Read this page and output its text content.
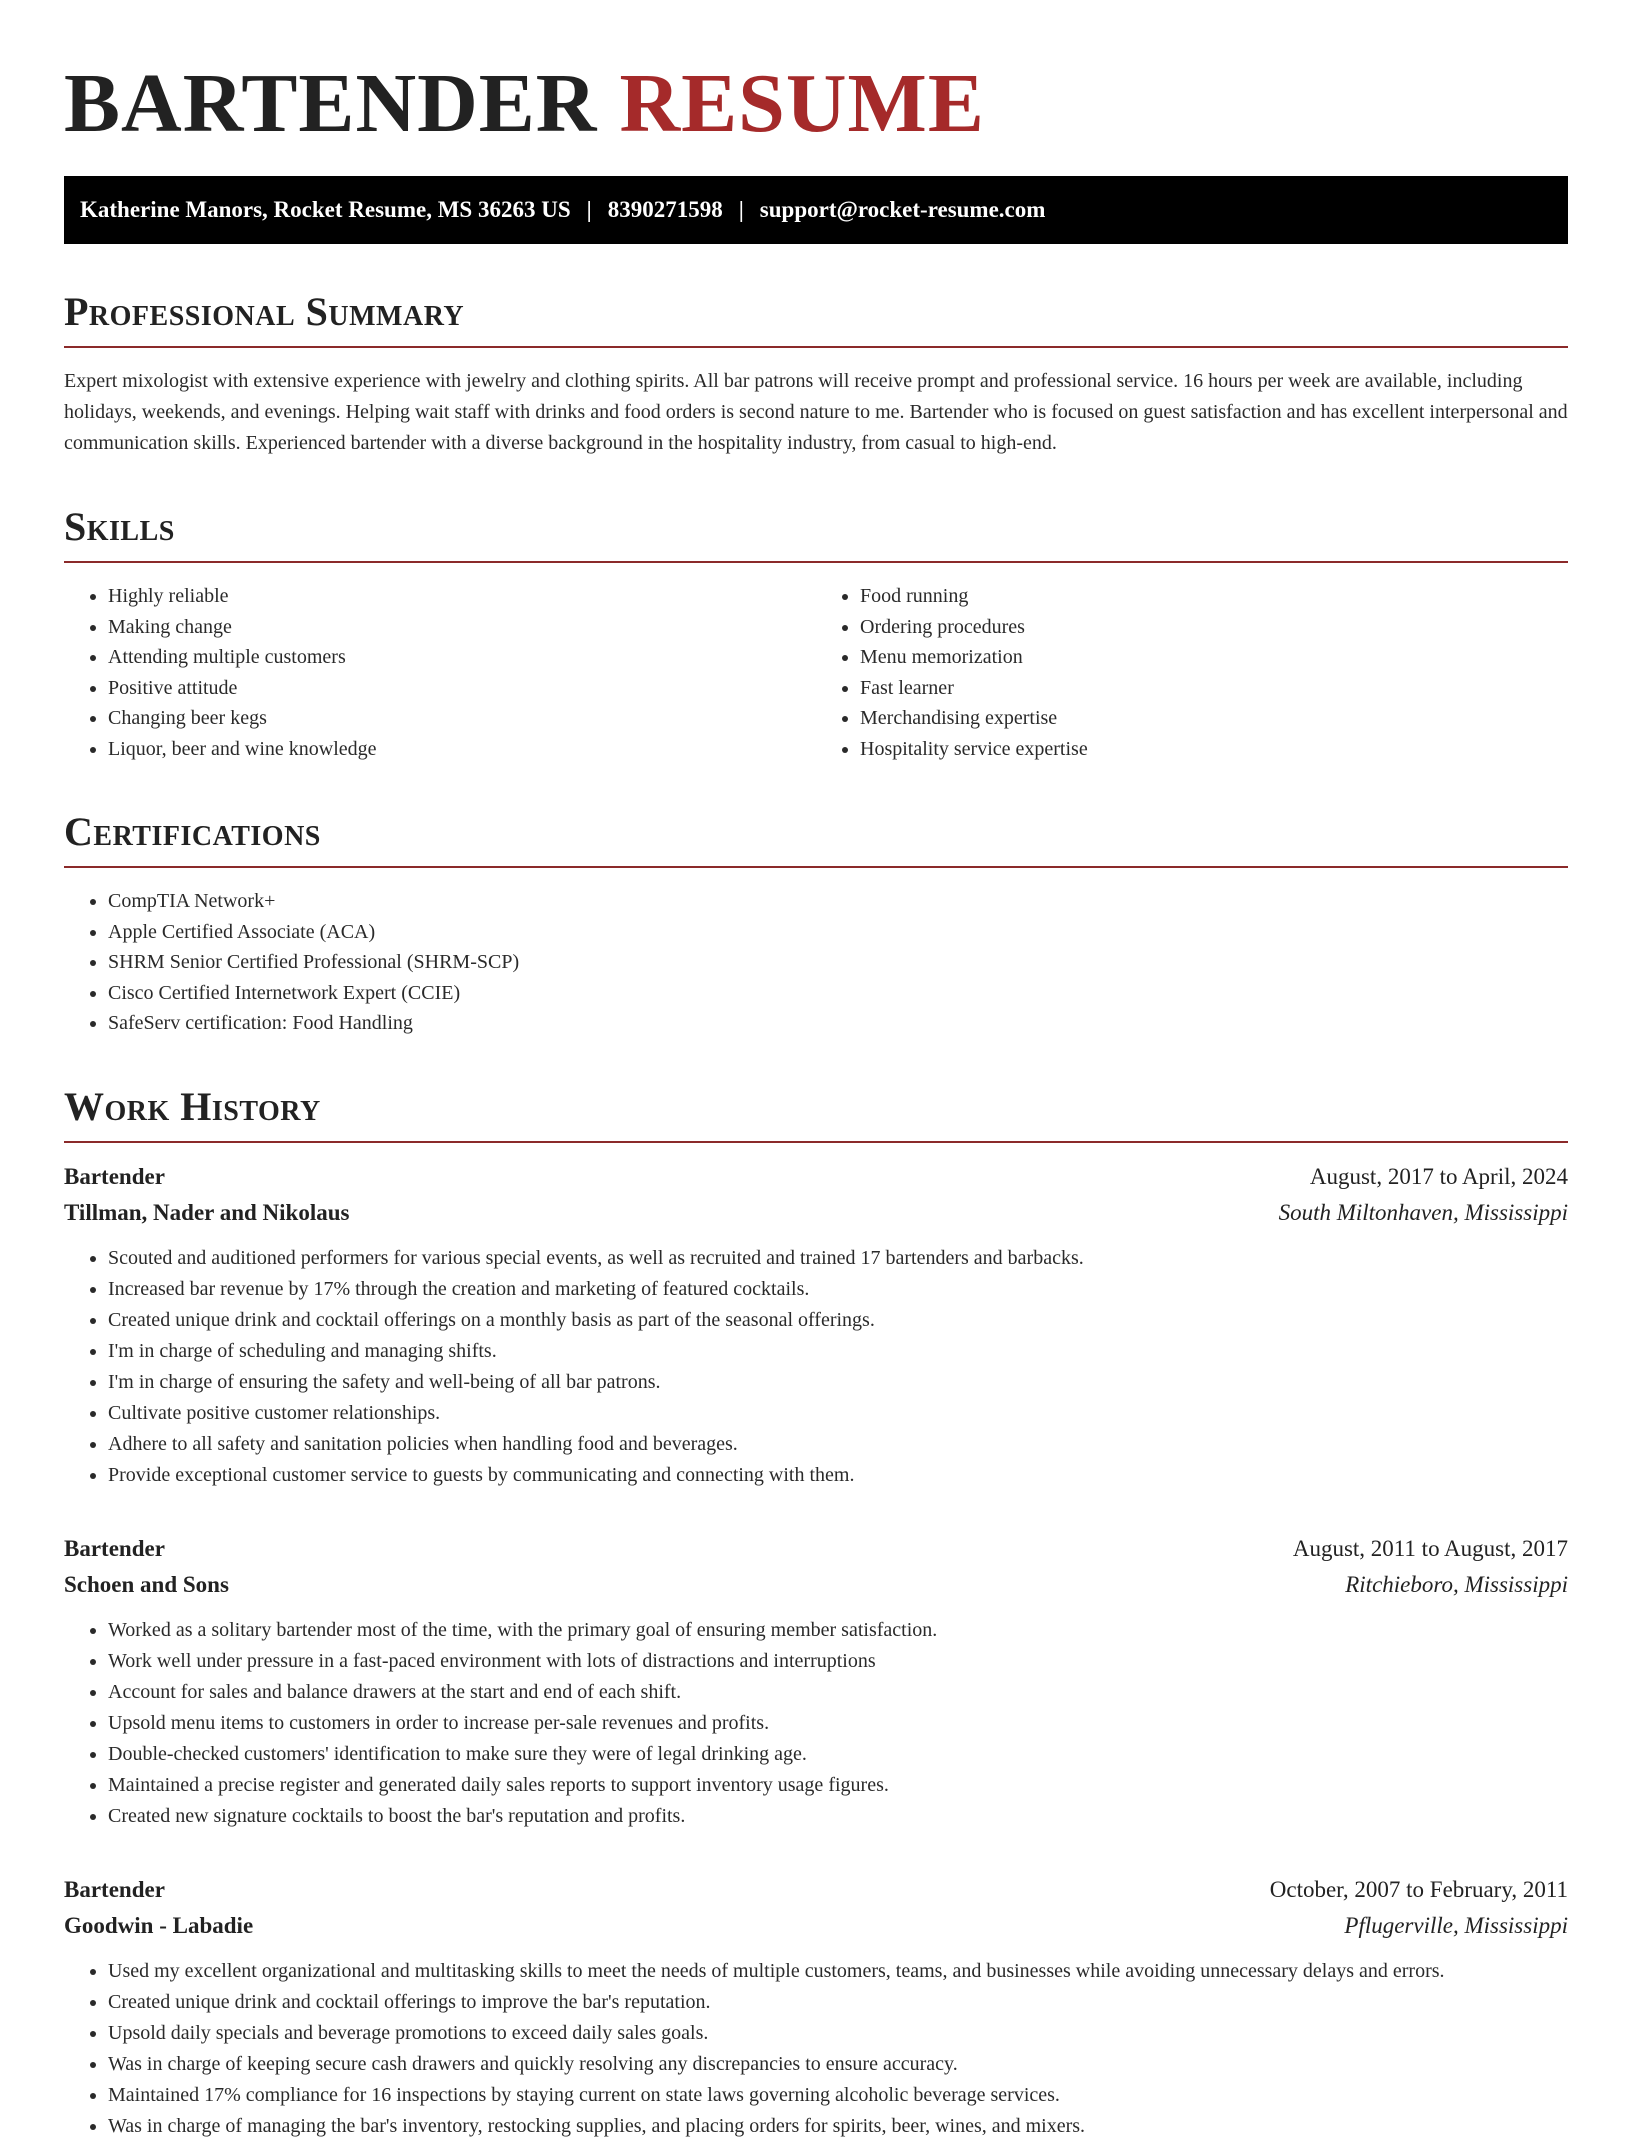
BARTENDER RESUME
Katherine Manors, Rocket Resume, MS 36263 US | 8390271598 | support@rocket-resume.com
Professional Summary

Expert mixologist with extensive experience with jewelry and clothing spirits. All bar patrons will receive prompt and professional service. 16 hours per week are available, including holidays, weekends, and evenings. Helping wait staff with drinks and food orders is second nature to me. Bartender who is focused on guest satisfaction and has excellent interpersonal and communication skills. Experienced bartender with a diverse background in the hospitality industry, from casual to high-end.

Skills
• Highly reliable
• Making change
• Attending multiple customers
• Positive attitude
• Changing beer kegs
• Liquor, beer and wine knowledge
• Food running
• Ordering procedures
• Menu memorization
• Fast learner
• Merchandising expertise
• Hospitality service expertise
Certifications
• CompTIA Network+
• Apple Certified Associate (ACA)
• SHRM Senior Certified Professional (SHRM-SCP)
• Cisco Certified Internetwork Expert (CCIE)
• SafeServ certification: Food Handling
Work History
Bartender	August, 2017 to April, 2024
Tillman, Nader and Nikolaus	South Miltonhaven, Mississippi
• Scouted and auditioned performers for various special events, as well as recruited and trained 17 bartenders and barbacks.
• Increased bar revenue by 17% through the creation and marketing of featured cocktails.
• Created unique drink and cocktail offerings on a monthly basis as part of the seasonal offerings.
• I'm in charge of scheduling and managing shifts.
• I'm in charge of ensuring the safety and well-being of all bar patrons.
• Cultivate positive customer relationships.
• Adhere to all safety and sanitation policies when handling food and beverages.
• Provide exceptional customer service to guests by communicating and connecting with them.
Bartender	August, 2011 to August, 2017
Schoen and Sons	Ritchieboro, Mississippi
• Worked as a solitary bartender most of the time, with the primary goal of ensuring member satisfaction.
• Work well under pressure in a fast-paced environment with lots of distractions and interruptions
• Account for sales and balance drawers at the start and end of each shift.
• Upsold menu items to customers in order to increase per-sale revenues and profits.
• Double-checked customers' identification to make sure they were of legal drinking age.
• Maintained a precise register and generated daily sales reports to support inventory usage figures.
• Created new signature cocktails to boost the bar's reputation and profits.
Bartender	October, 2007 to February, 2011
Goodwin - Labadie	Pflugerville, Mississippi
• Used my excellent organizational and multitasking skills to meet the needs of multiple customers, teams, and businesses while avoiding unnecessary delays and errors.
• Created unique drink and cocktail offerings to improve the bar's reputation.
• Upsold daily specials and beverage promotions to exceed daily sales goals.
• Was in charge of keeping secure cash drawers and quickly resolving any discrepancies to ensure accuracy.
• Maintained 17% compliance for 16 inspections by staying current on state laws governing alcoholic beverage services.
• Was in charge of managing the bar's inventory, restocking supplies, and placing orders for spirits, beer, wines, and mixers.
